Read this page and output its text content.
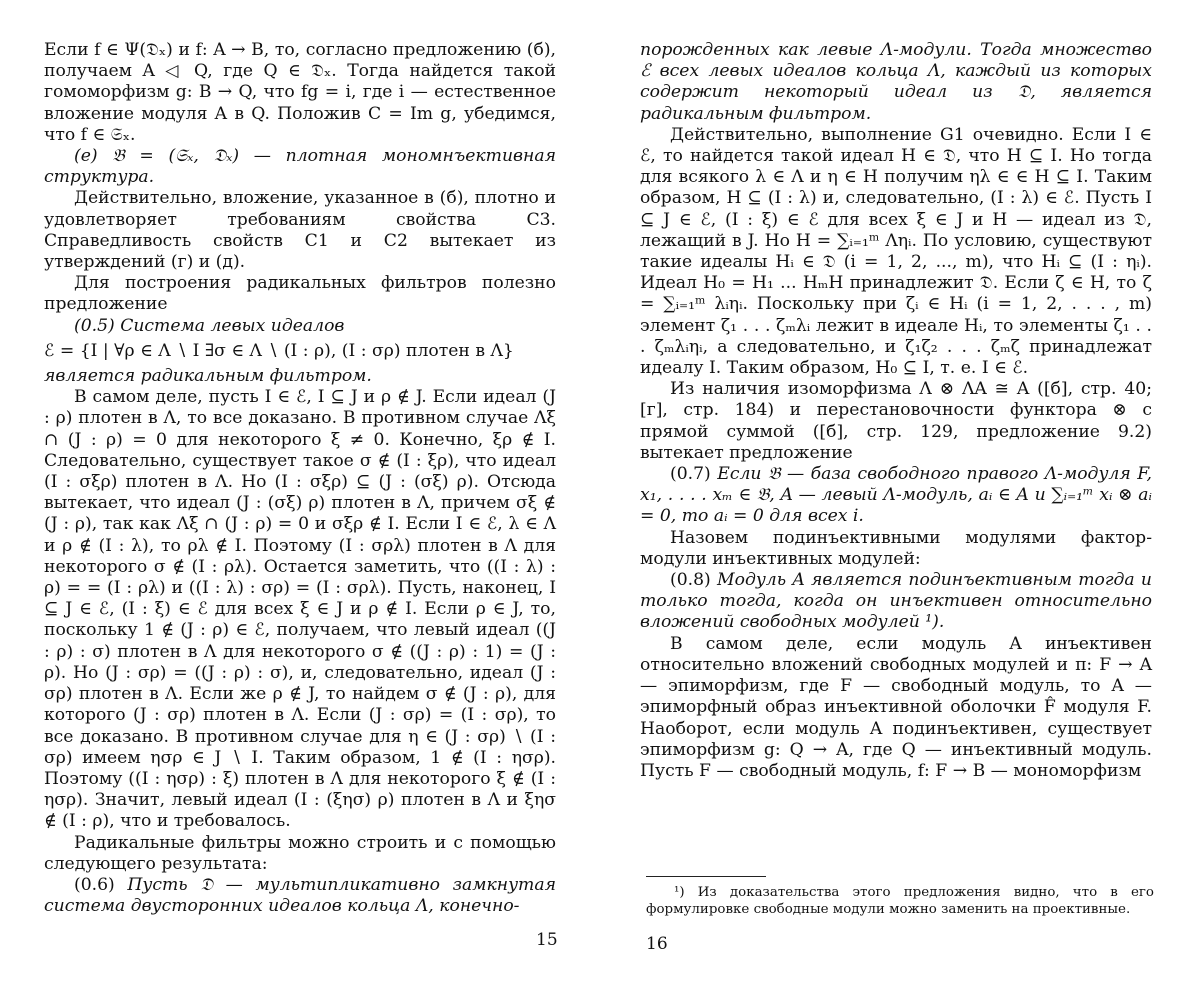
Если f ∈ Ψ(𝔇ₓ) и f: A → B, то, согласно предложению (б), получаем A ◁ Q, где Q ∈ 𝔇ₓ. Тогда найдется такой гомоморфизм g: B → Q, что fg = i, где i — естественное вложение модуля A в Q. Положив C = Im g, убедимся, что f ∈ 𝔖ₓ.

(е) 𝔅 = (𝔖ₓ, 𝔇ₓ) — плотная мономнъективная структура.

Действительно, вложение, указанное в (б), плотно и удовлетворяет требованиям свойства C3. Справедливость свойств C1 и C2 вытекает из утверждений (г) и (д).

Для построения радикальных фильтров полезно предложение

(0.5) Система левых идеалов

ℰ = {I | ∀ρ ∈ Λ ∖ I ∃σ ∈ Λ ∖ (I : ρ), (I : σρ) плотен в Λ}

является радикальным фильтром.

В самом деле, пусть I ∈ ℰ, I ⊆ J и ρ ∉ J. Если идеал (J : ρ) плотен в Λ, то все доказано. В противном случае Λξ ∩ (J : ρ) = 0 для некоторого ξ ≠ 0. Конечно, ξρ ∉ I. Следовательно, существует такое σ ∉ (I : ξρ), что идеал (I : σξρ) плотен в Λ. Но (I : σξρ) ⊆ (J : (σξ) ρ). Отсюда вытекает, что идеал (J : (σξ) ρ) плотен в Λ, причем σξ ∉ (J : ρ), так как Λξ ∩ (J : ρ) = 0 и σξρ ∉ I. Если I ∈ ℰ, λ ∈ Λ и ρ ∉ (I : λ), то ρλ ∉ I. Поэтому (I : σρλ) плотен в Λ для некоторого σ ∉ (I : ρλ). Остается заметить, что ((I : λ) : ρ) = = (I : ρλ) и ((I : λ) : σρ) = (I : σρλ). Пусть, наконец, I ⊆ J ∈ ℰ, (I : ξ) ∈ ℰ для всех ξ ∈ J и ρ ∉ I. Если ρ ∈ J, то, поскольку 1 ∉ (J : ρ) ∈ ℰ, получаем, что левый идеал ((J : ρ) : σ) плотен в Λ для некоторого σ ∉ ((J : ρ) : 1) = (J : ρ). Но (J : σρ) = ((J : ρ) : σ), и, следовательно, идеал (J : σρ) плотен в Λ. Если же ρ ∉ J, то найдем σ ∉ (J : ρ), для которого (J : σρ) плотен в Λ. Если (J : σρ) = (I : σρ), то все доказано. В противном случае для η ∈ (J : σρ) ∖ (I : σρ) имеем ησρ ∈ J ∖ I. Таким образом, 1 ∉ (I : ησρ). Поэтому ((I : ησρ) : ξ) плотен в Λ для некоторого ξ ∉ (I : ησρ). Значит, левый идеал (I : (ξησ) ρ) плотен в Λ и ξησ ∉ (I : ρ), что и требовалось.

Радикальные фильтры можно строить и с помощью следующего результата:

(0.6) Пусть 𝔇 — мультипликативно замкнутая система двусторонних идеалов кольца Λ, конечно-

15

порожденных как левые Λ-модули. Тогда множество ℰ всех левых идеалов кольца Λ, каждый из которых содержит некоторый идеал из 𝔇, является радикальным фильтром.

Действительно, выполнение G1 очевидно. Если I ∈ ℰ, то найдется такой идеал H ∈ 𝔇, что H ⊆ I. Но тогда для всякого λ ∈ Λ и η ∈ H получим ηλ ∈ ∈ H ⊆ I. Таким образом, H ⊆ (I : λ) и, следовательно, (I : λ) ∈ ℰ. Пусть I ⊆ J ∈ ℰ, (I : ξ) ∈ ℰ для всех ξ ∈ J и H — идеал из 𝔇, лежащий в J. Но H = ∑ᵢ₌₁ᵐ Ληᵢ. По условию, существуют такие идеалы Hᵢ ∈ 𝔇 (i = 1, 2, ..., m), что Hᵢ ⊆ (I : ηᵢ). Идеал H₀ = H₁ ... HₘH принадлежит 𝔇. Если ζ ∈ H, то ζ = ∑ᵢ₌₁ᵐ λᵢηᵢ. Поскольку при ζᵢ ∈ Hᵢ (i = 1, 2, . . . , m) элемент ζ₁ . . . ζₘλᵢ лежит в идеале Hᵢ, то элементы ζ₁ . . . ζₘλᵢηᵢ, а следовательно, и ζ₁ζ₂ . . . ζₘζ принадлежат идеалу I. Таким образом, H₀ ⊆ I, т. е. I ∈ ℰ.

Из наличия изоморфизма Λ ⊗ ΛA ≅ A ([б], стр. 40; [г], стр. 184) и перестановочности функтора ⊗ с прямой суммой ([б], стр. 129, предложение 9.2) вытекает предложение

(0.7) Если 𝔅 — база свободного правого Λ-модуля F, x₁, . . . . xₘ ∈ 𝔅, A — левый Λ-модуль, aᵢ ∈ A и ∑ᵢ₌₁ᵐ xᵢ ⊗ aᵢ = 0, то aᵢ = 0 для всех i.

Назовем подинъективными модулями фактор-модули инъективных модулей:

(0.8) Модуль A является подинъективным тогда и только тогда, когда он инъективен относительно вложений свободных модулей ¹).

В самом деле, если модуль A инъективен относительно вложений свободных модулей и π: F → A — эпиморфизм, где F — свободный модуль, то A — эпиморфный образ инъективной оболочки F̂ модуля F. Наоборот, если модуль A подинъективен, существует эпиморфизм g: Q → A, где Q — инъективный модуль. Пусть F — свободный модуль, f: F → B — мономорфизм

¹) Из доказательства этого предложения видно, что в его формулировке свободные модули можно заменить на проективные.
16
